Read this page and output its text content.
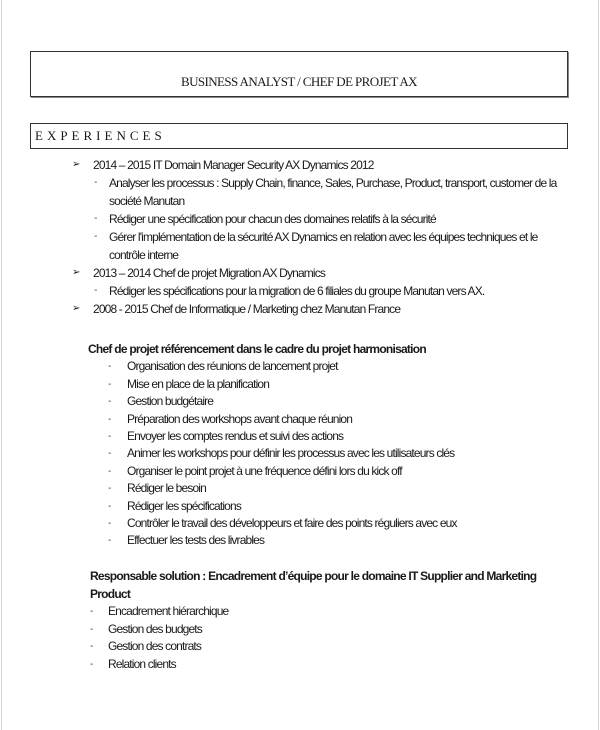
BUSINESS ANALYST / CHEF DE PROJET AX
EXPERIENCES
➢ 2014 – 2015 IT Domain Manager Security AX Dynamics 2012
- Analyser les processus : Supply Chain, finance, Sales, Purchase, Product, transport, customer de la
société Manutan
- Rédiger une spécification pour chacun des domaines relatifs à la sécurité
- Gérer l'implémentation de la sécurité AX Dynamics en relation avec les équipes techniques et le
contrôle interne
➢ 2013 – 2014 Chef de projet Migration AX Dynamics
- Rédiger les spécifications pour la migration de 6 filiales du groupe Manutan vers AX.
➢ 2008 - 2015 Chef de Informatique / Marketing chez Manutan France
Chef de projet référencement dans le cadre du projet harmonisation
- Organisation des réunions de lancement projet
- Mise en place de la planification
- Gestion budgétaire
- Préparation des workshops avant chaque réunion
- Envoyer les comptes rendus et suivi des actions
- Animer les workshops pour définir les processus avec les utilisateurs clés
- Organiser le point projet à une fréquence défini lors du kick off
- Rédiger le besoin
- Rédiger les spécifications
- Contrôler le travail des développeurs et faire des points réguliers avec eux
- Effectuer les tests des livrables
Responsable solution : Encadrement d’équipe pour le domaine IT Supplier and Marketing
Product
- Encadrement hiérarchique
- Gestion des budgets
- Gestion des contrats
- Relation clients
